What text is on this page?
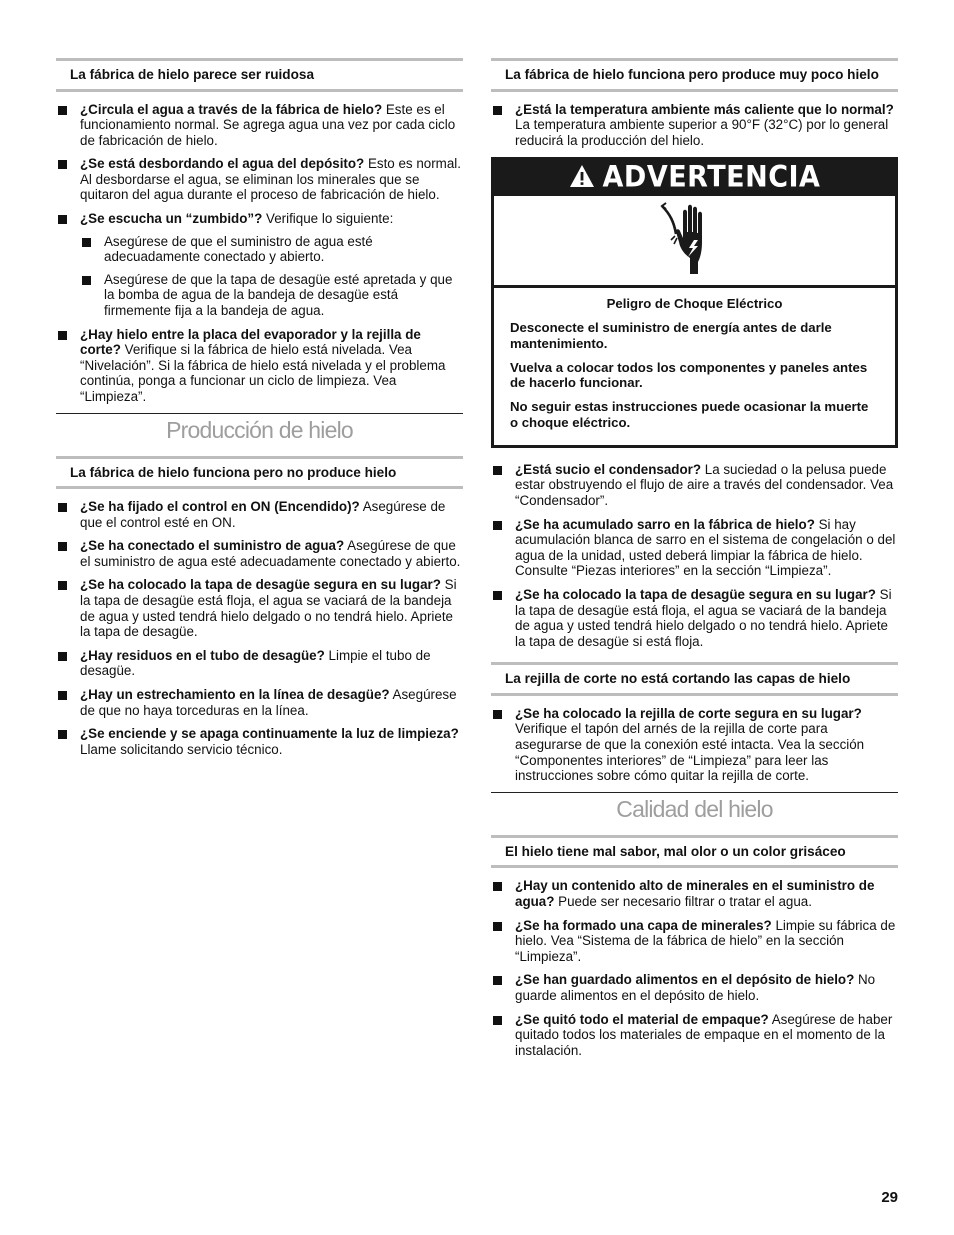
La fábrica de hielo parece ser ruidosa
¿Circula el agua a través de la fábrica de hielo? Este es el funcionamiento normal. Se agrega agua una vez por cada ciclo de fabricación de hielo.
¿Se está desbordando el agua del depósito? Esto es normal. Al desbordarse el agua, se eliminan los minerales que se quitaron del agua durante el proceso de fabricación de hielo.
¿Se escucha un “zumbido”? Verifique lo siguiente:
Asegúrese de que el suministro de agua esté adecuadamente conectado y abierto.
Asegúrese de que la tapa de desagüe esté apretada y que la bomba de agua de la bandeja de desagüe está firmemente fija a la bandeja de agua.
¿Hay hielo entre la placa del evaporador y la rejilla de corte? Verifique si la fábrica de hielo está nivelada. Vea “Nivelación”. Si la fábrica de hielo está nivelada y el problema continúa, ponga a funcionar un ciclo de limpieza. Vea “Limpieza”.
Producción de hielo
La fábrica de hielo funciona pero no produce hielo
¿Se ha fijado el control en ON (Encendido)? Asegúrese de que el control esté en ON.
¿Se ha conectado el suministro de agua? Asegúrese de que el suministro de agua esté adecuadamente conectado y abierto.
¿Se ha colocado la tapa de desagüe segura en su lugar? Si la tapa de desagüe está floja, el agua se vaciará de la bandeja de agua y usted tendrá hielo delgado o no tendrá hielo. Apriete la tapa de desagüe.
¿Hay residuos en el tubo de desagüe? Limpie el tubo de desagüe.
¿Hay un estrechamiento en la línea de desagüe? Asegúrese de que no haya torceduras en la línea.
¿Se enciende y se apaga continuamente la luz de limpieza? Llame solicitando servicio técnico.
La fábrica de hielo funciona pero produce muy poco hielo
¿Está la temperatura ambiente más caliente que lo normal? La temperatura ambiente superior a 90°F (32°C) por lo general reducirá la producción del hielo.
ADVERTENCIA

Peligro de Choque Eléctrico

Desconecte el suministro de energía antes de darle mantenimiento.

Vuelva a colocar todos los componentes y paneles antes de hacerlo funcionar.

No seguir estas instrucciones puede ocasionar la muerte o choque eléctrico.

¿Está sucio el condensador? La suciedad o la pelusa puede estar obstruyendo el flujo de aire a través del condensador. Vea “Condensador”.
¿Se ha acumulado sarro en la fábrica de hielo? Si hay acumulación blanca de sarro en el sistema de congelación o del agua de la unidad, usted deberá limpiar la fábrica de hielo. Consulte “Piezas interiores” en la sección “Limpieza”.
¿Se ha colocado la tapa de desagüe segura en su lugar? Si la tapa de desagüe está floja, el agua se vaciará de la bandeja de agua y usted tendrá hielo delgado o no tendrá hielo. Apriete la tapa de desagüe si está floja.
La rejilla de corte no está cortando las capas de hielo
¿Se ha colocado la rejilla de corte segura en su lugar? Verifique el tapón del arnés de la rejilla de corte para asegurarse de que la conexión esté intacta. Vea la sección “Componentes interiores” de “Limpieza” para leer las instrucciones sobre cómo quitar la rejilla de corte.
Calidad del hielo
El hielo tiene mal sabor, mal olor o un color grisáceo
¿Hay un contenido alto de minerales en el suministro de agua? Puede ser necesario filtrar o tratar el agua.
¿Se ha formado una capa de minerales? Limpie su fábrica de hielo. Vea “Sistema de la fábrica de hielo” en la sección “Limpieza”.
¿Se han guardado alimentos en el depósito de hielo? No guarde alimentos en el depósito de hielo.
¿Se quitó todo el material de empaque? Asegúrese de haber quitado todos los materiales de empaque en el momento de la instalación.
29
